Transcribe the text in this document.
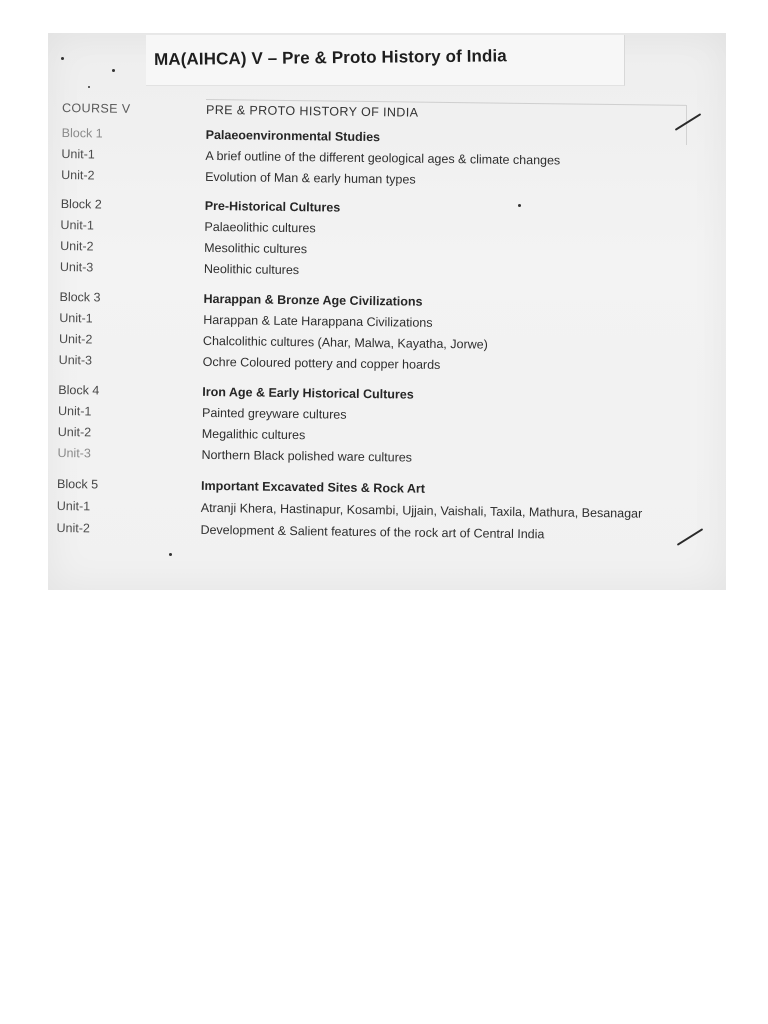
MA(AIHCA) V – Pre & Proto History of India
COURSE V	PRE & PROTO HISTORY OF INDIA
Block 1	Palaeoenvironmental Studies
Unit-1	A brief outline of the different geological ages & climate changes
Unit-2	Evolution of Man & early human types
Block 2	Pre-Historical Cultures
Unit-1	Palaeolithic cultures
Unit-2	Mesolithic cultures
Unit-3	Neolithic cultures
Block 3	Harappan & Bronze Age Civilizations
Unit-1	Harappan & Late Harappana Civilizations
Unit-2	Chalcolithic cultures (Ahar, Malwa, Kayatha, Jorwe)
Unit-3	Ochre Coloured pottery and copper hoards
Block 4	Iron Age & Early Historical Cultures
Unit-1	Painted greyware cultures
Unit-2	Megalithic cultures
Unit-3	Northern Black polished ware cultures
Block 5	Important Excavated Sites & Rock Art
Unit-1	Atranji Khera, Hastinapur, Kosambi, Ujjain, Vaishali, Taxila, Mathura, Besanagar
Unit-2	Development & Salient features of the rock art of Central India
